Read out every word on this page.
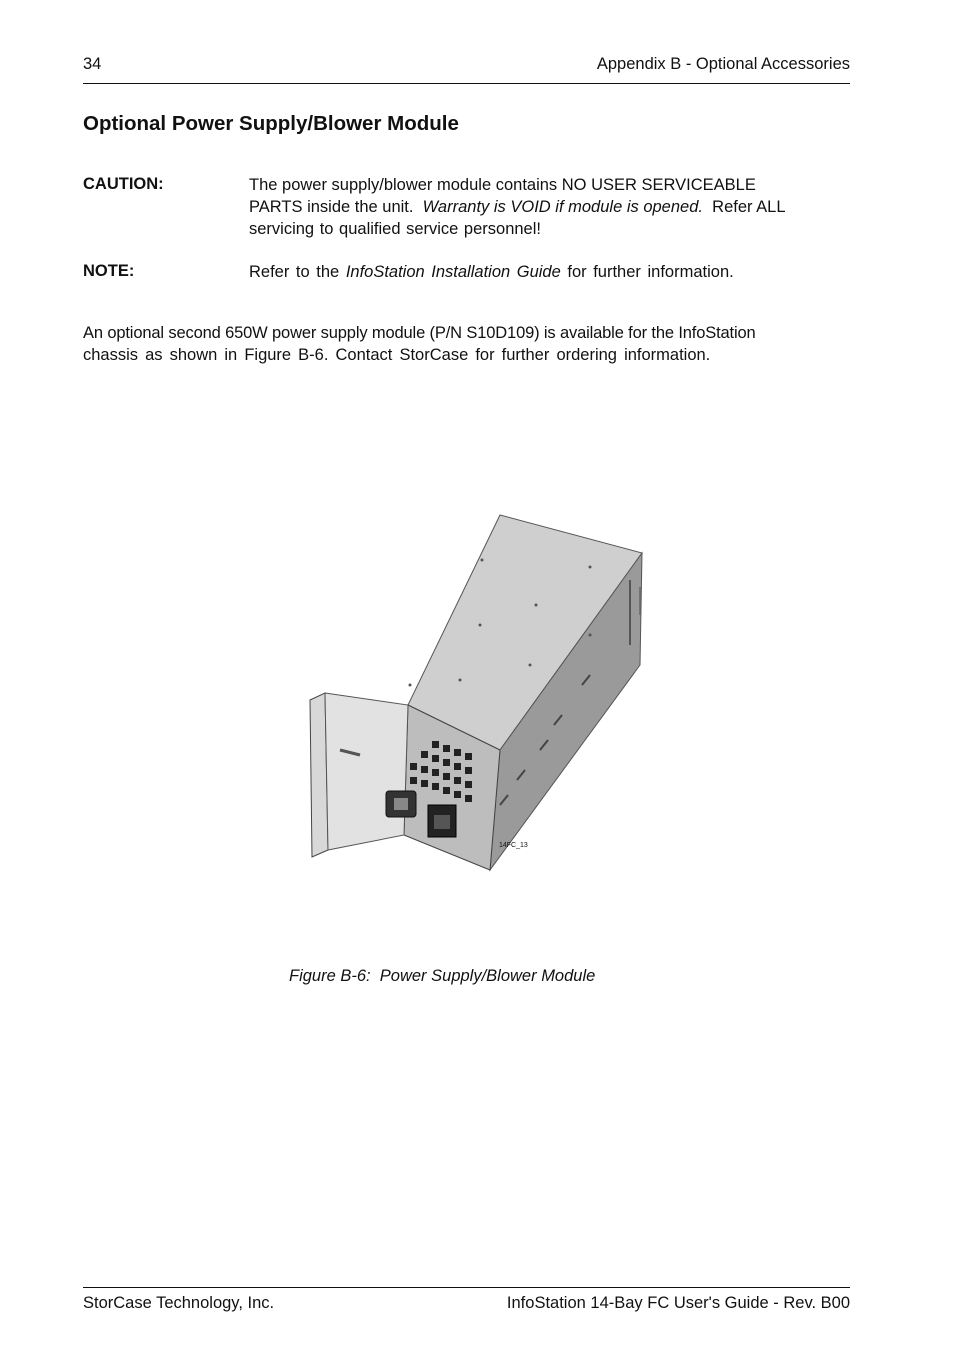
34	Appendix B - Optional Accessories
Optional Power Supply/Blower Module
CAUTION:	The power supply/blower module contains NO USER SERVICEABLE
PARTS inside the unit.  Warranty is VOID if module is opened.  Refer ALL
servicing to qualified service personnel!
NOTE:	Refer to the InfoStation Installation Guide for further information.
An optional second 650W power supply module (P/N S10D109) is available for the InfoStation
chassis as shown in Figure B-6. Contact StorCase for further ordering information.
14FC_13
Figure B-6:  Power Supply/Blower Module
StorCase Technology, Inc.	InfoStation 14-Bay FC User's Guide - Rev. B00
